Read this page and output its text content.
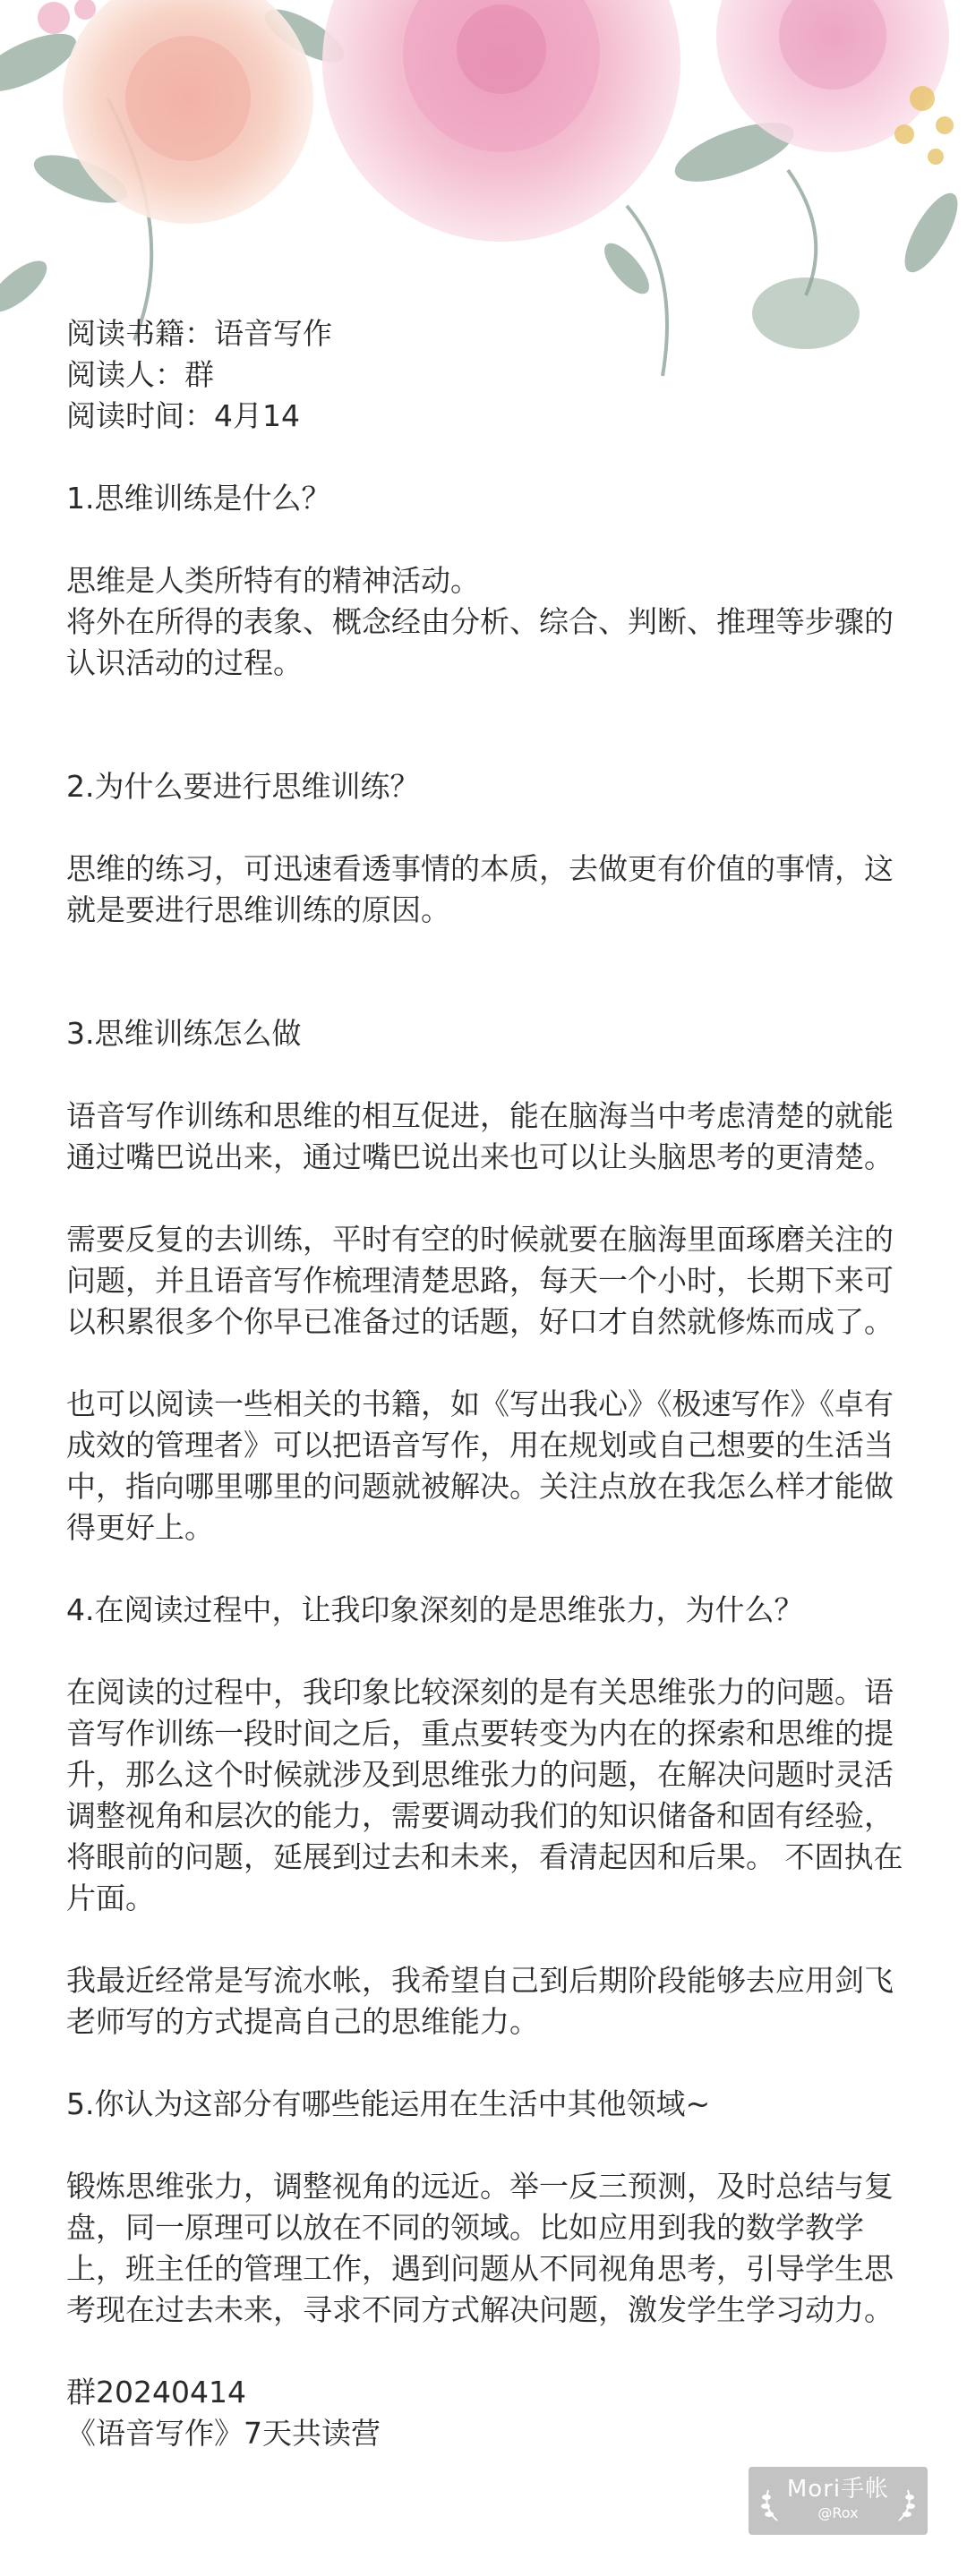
阅读书籍：语音写作

阅读人：群

阅读时间：4月14

1.思维训练是什么？

思维是人类所特有的精神活动。

将外在所得的表象、概念经由分析、综合、判断、推理等步骤的认识活动的过程。

2.为什么要进行思维训练？

思维的练习，可迅速看透事情的本质，去做更有价值的事情，这就是要进行思维训练的原因。

3.思维训练怎么做

语音写作训练和思维的相互促进，能在脑海当中考虑清楚的就能通过嘴巴说出来，通过嘴巴说出来也可以让头脑思考的更清楚。

需要反复的去训练，平时有空的时候就要在脑海里面琢磨关注的问题，并且语音写作梳理清楚思路，每天一个小时，长期下来可以积累很多个你早已准备过的话题，好口才自然就修炼而成了。

也可以阅读一些相关的书籍，如《写出我心》《极速写作》《卓有成效的管理者》可以把语音写作，用在规划或自己想要的生活当中，指向哪里哪里的问题就被解决。关注点放在我怎么样才能做得更好上。

4.在阅读过程中，让我印象深刻的是思维张力，为什么？

在阅读的过程中，我印象比较深刻的是有关思维张力的问题。语音写作训练一段时间之后，重点要转变为内在的探索和思维的提升，那么这个时候就涉及到思维张力的问题，在解决问题时灵活调整视角和层次的能力，需要调动我们的知识储备和固有经验，将眼前的问题，延展到过去和未来，看清起因和后果。 不固执在片面。

我最近经常是写流水帐，我希望自己到后期阶段能够去应用剑飞老师写的方式提高自己的思维能力。

5.你认为这部分有哪些能运用在生活中其他领域~

锻炼思维张力，调整视角的远近。举一反三预测，及时总结与复盘，同一原理可以放在不同的领域。比如应用到我的数学教学上，班主任的管理工作，遇到问题从不同视角思考，引导学生思考现在过去未来，寻求不同方式解决问题，激发学生学习动力。

群20240414

《语音写作》7天共读营

Mori手帐
@Rox
